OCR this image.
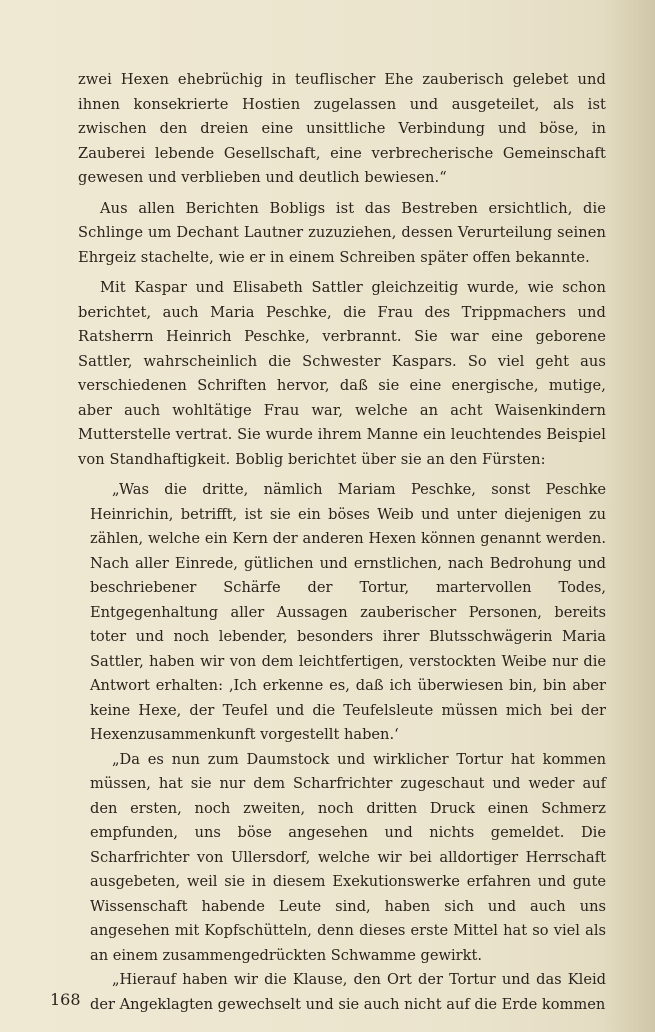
zwei Hexen ehebrüchig in teuflischer Ehe zauberisch gelebet und ihnen konsekrierte Hostien zugelassen und ausgeteilet, als ist zwischen den dreien eine unsittliche Verbindung und böse, in Zauberei lebende Gesellschaft, eine verbrecherische Gemeinschaft gewesen und verblieben und deutlich bewiesen.“

Aus allen Berichten Bobligs ist das Bestreben ersichtlich, die Schlinge um Dechant Lautner zuzuziehen, dessen Verurteilung seinen Ehrgeiz stachelte, wie er in einem Schreiben später offen bekannte.

Mit Kaspar und Elisabeth Sattler gleichzeitig wurde, wie schon berichtet, auch Maria Peschke, die Frau des Trippmachers und Ratsherrn Heinrich Peschke, verbrannt. Sie war eine geborene Sattler, wahrscheinlich die Schwester Kaspars. So viel geht aus verschiedenen Schriften hervor, daß sie eine energische, mutige, aber auch wohltätige Frau war, welche an acht Waisenkindern Mutterstelle vertrat. Sie wurde ihrem Manne ein leuchtendes Beispiel von Standhaftigkeit. Boblig berichtet über sie an den Fürsten:

„Was die dritte, nämlich Mariam Peschke, sonst Peschke Heinrichin, betrifft, ist sie ein böses Weib und unter diejenigen zu zählen, welche ein Kern der anderen Hexen können genannt werden. Nach aller Einrede, gütlichen und ernstlichen, nach Bedrohung und beschriebener Schärfe der Tortur, martervollen Todes, Entgegenhaltung aller Aussagen zauberischer Personen, bereits toter und noch lebender, besonders ihrer Blutsschwägerin Maria Sattler, haben wir von dem leichtfertigen, verstockten Weibe nur die Antwort erhalten: ‚Ich erkenne es, daß ich überwiesen bin, bin aber keine Hexe, der Teufel und die Teufelsleute müssen mich bei der Hexenzusammenkunft vorgestellt haben.‘

„Da es nun zum Daumstock und wirklicher Tortur hat kommen müssen, hat sie nur dem Scharfrichter zugeschaut und weder auf den ersten, noch zweiten, noch dritten Druck einen Schmerz empfunden, uns böse angesehen und nichts gemeldet. Die Scharfrichter von Ullersdorf, welche wir bei alldortiger Herrschaft ausgebeten, weil sie in diesem Exekutionswerke erfahren und gute Wissenschaft habende Leute sind, haben sich und auch uns angesehen mit Kopfschütteln, denn dieses erste Mittel hat so viel als an einem zusammengedrückten Schwamme gewirkt.

„Hierauf haben wir die Klause, den Ort der Tortur und das Kleid der Angeklagten gewechselt und sie auch nicht auf die Erde kommen

168
